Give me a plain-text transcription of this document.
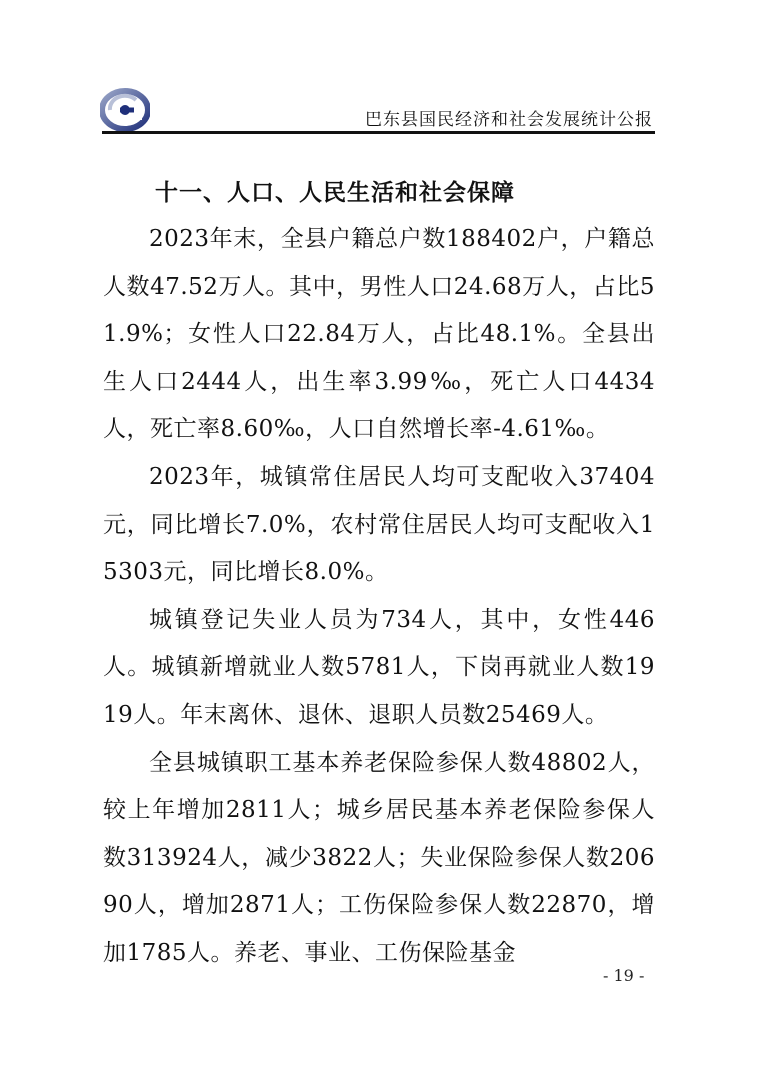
巴东县国民经济和社会发展统计公报
十一、人口、人民生活和社会保障

2023年末，全县户籍总户数188402户，户籍总人数47.52万人。其中，男性人口24.68万人，占比51.9%；女性人口22.84万人，占比48.1%。全县出生人口2444人，出生率3.99‰，死亡人口4434人，死亡率8.60‰，人口自然增长率-4.61‰。

2023年，城镇常住居民人均可支配收入37404元，同比增长7.0%，农村常住居民人均可支配收入15303元，同比增长8.0%。

城镇登记失业人员为734人，其中，女性446人。城镇新增就业人数5781人，下岗再就业人数1919人。年末离休、退休、退职人员数25469人。

全县城镇职工基本养老保险参保人数48802人，较上年增加2811人；城乡居民基本养老保险参保人数313924人，减少3822人；失业保险参保人数20690人，增加2871人；工伤保险参保人数22870，增加1785人。养老、事业、工伤保险基金

- 19 -
